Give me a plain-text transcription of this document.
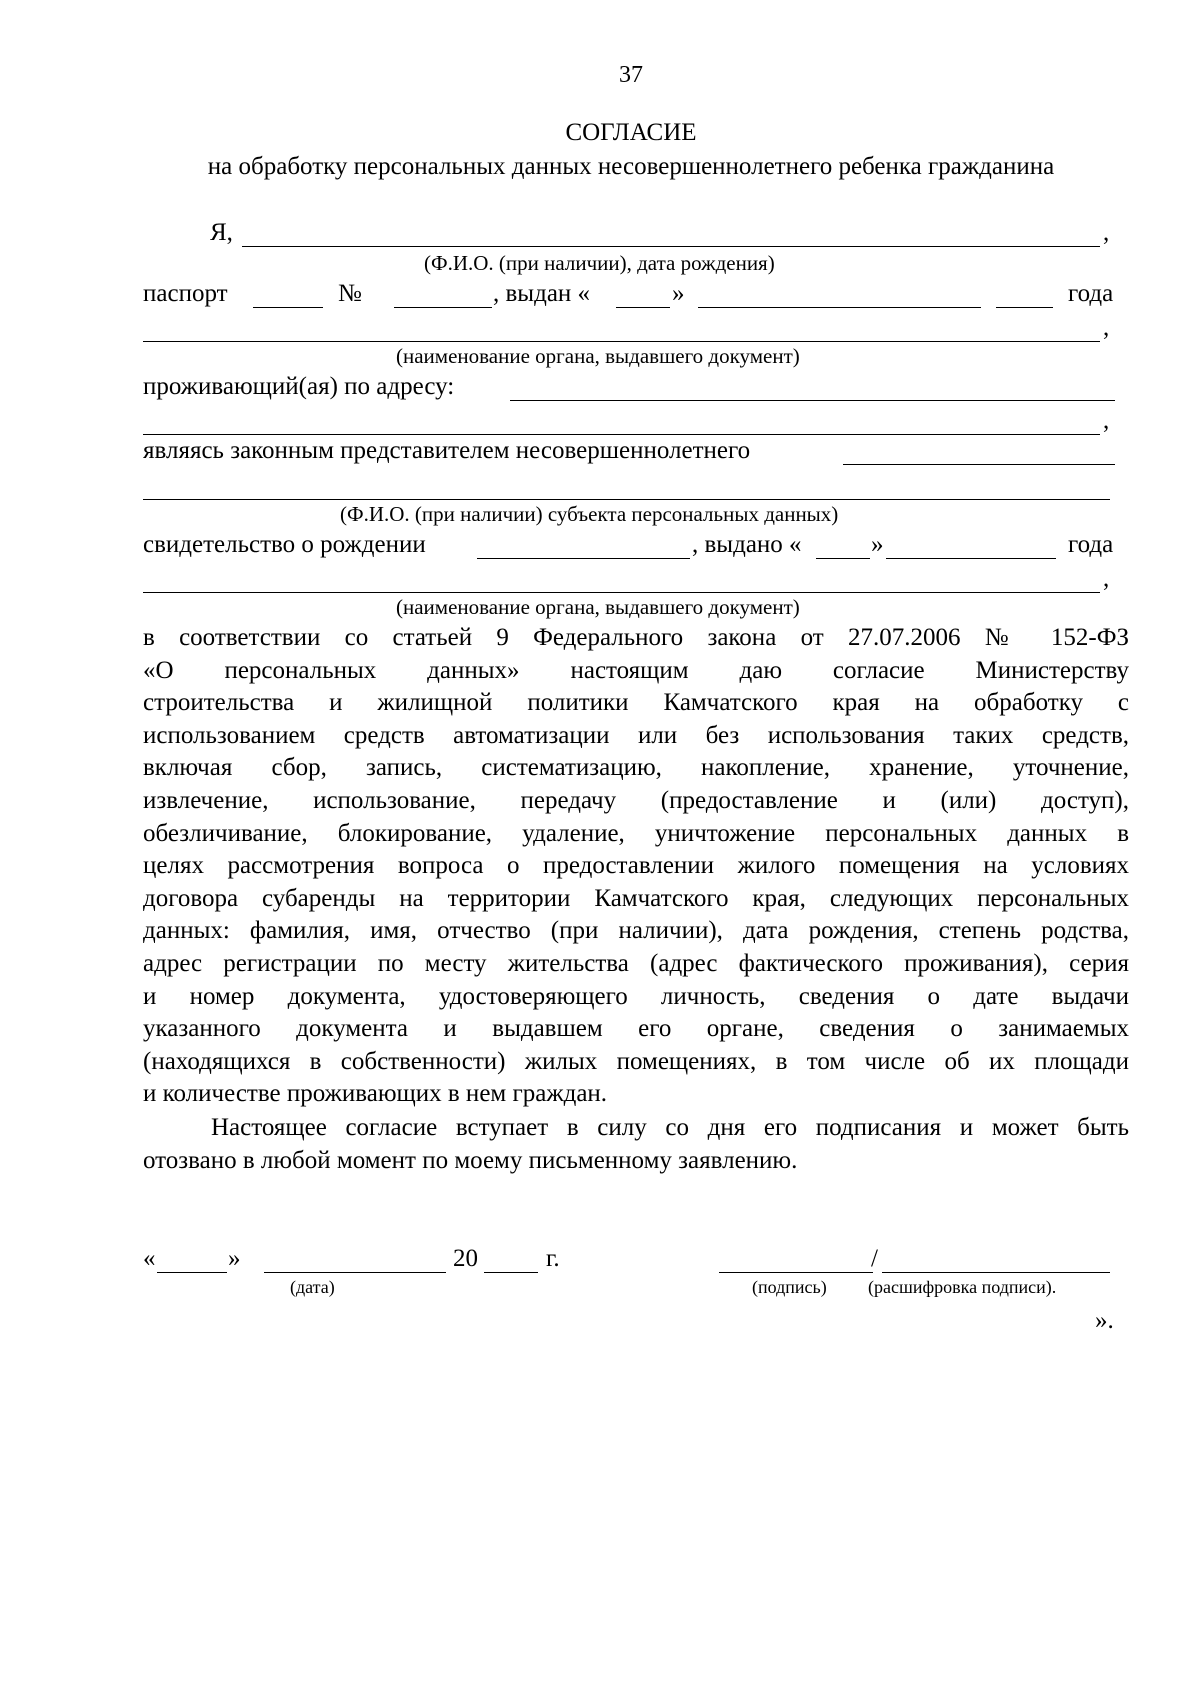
37
СОГЛАСИЕ
на обработку персональных данных несовершеннолетнего ребенка гражданина
Я,	,
(Ф.И.О. (при наличии), дата рождения)
паспорт	№	, выдан «	»	года
,
(наименование органа, выдавшего документ)
проживающий(ая) по адресу:
,
являясь законным представителем несовершеннолетнего
(Ф.И.О. (при наличии) субъекта персональных данных)
свидетельство о рождении	, выдано «	»	года
,
(наименование органа, выдавшего документ)
в соответствии со статьей 9 Федерального закона от 27.07.2006 № 152-ФЗ
«О персональных данных» настоящим даю согласие Министерству
строительства и жилищной политики Камчатского края на обработку с
использованием средств автоматизации или без использования таких средств,
включая сбор, запись, систематизацию, накопление, хранение, уточнение,
извлечение, использование, передачу (предоставление и (или) доступ),
обезличивание, блокирование, удаление, уничтожение персональных данных в
целях рассмотрения вопроса о предоставлении жилого помещения на условиях
договора субаренды на территории Камчатского края, следующих персональных
данных: фамилия, имя, отчество (при наличии), дата рождения, степень родства,
адрес регистрации по месту жительства (адрес фактического проживания), серия
и номер документа, удостоверяющего личность, сведения о дате выдачи
указанного документа и выдавшем его органе, сведения о занимаемых
(находящихся в собственности) жилых помещениях, в том числе об их площади
и количестве проживающих в нем граждан.
Настоящее согласие вступает в силу со дня его подписания и может быть
отозвано в любой момент по моему письменному заявлению.
«	»	20	г.
(дата)
/
(подпись) (расшифровка подписи).
».
